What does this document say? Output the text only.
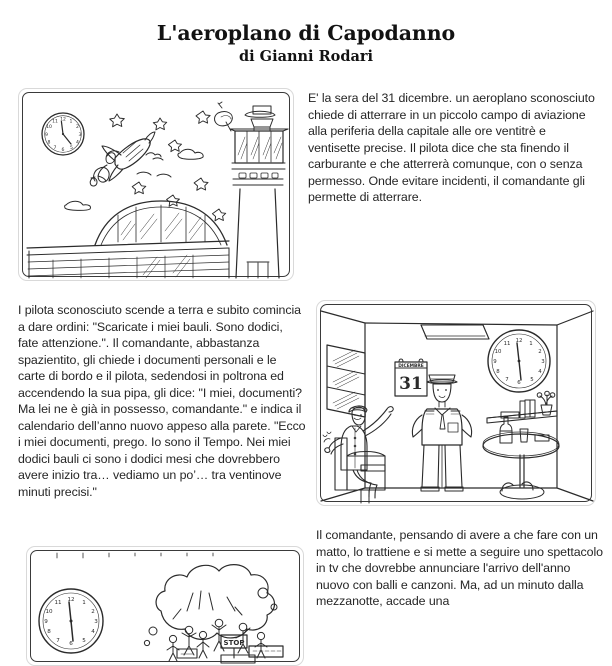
L'aeroplano di Capodanno
di Gianni Rodari
E' la sera del 31 dicembre. un aeroplano sconosciuto chiede di atterrare in un piccolo campo di aviazione alla periferia della capitale alle ore ventitrè e ventisette precise. Il pilota dice che sta finendo il carburante e che atterrerà comunque, con o senza permesso. Onde evitare incidenti, il comandante gli permette di atterrare.
I pilota sconosciuto scende a terra e subito comincia a dare ordini: "Scaricate i miei bauli. Sono dodici, fate attenzione.". Il comandante, abbastanza spazientito, gli chiede i documenti personali e le carte di bordo e il pilota, sedendosi in poltrona ed accendendo la sua pipa, gli dice: "I miei, documenti? Ma lei ne è già in possesso, comandante." e indica il calendario dell’anno nuovo appeso alla parete. "Ecco i miei documenti, prego. Io sono il Tempo. Nei miei dodici bauli ci sono i dodici mesi che dovrebbero avere inizio tra… vediamo un po’… tra ventinove minuti precisi."
Il comandante, pensando di avere a che fare con un matto, lo trattiene e si mette a seguire uno spettacolo in tv che dovrebbe annunciare l'arrivo dell'anno nuovo con balli e canzoni. Ma, ad un minuto dalla mezzanotte, accade una
12 1
2
3
4
5
6
7
8
9
10
11
DICEMBRE
31
12 1
2
3
4
5
6
7
8
9
10
11
12 1
2
3
4
5
6
7
8
9
10
11
STOP
